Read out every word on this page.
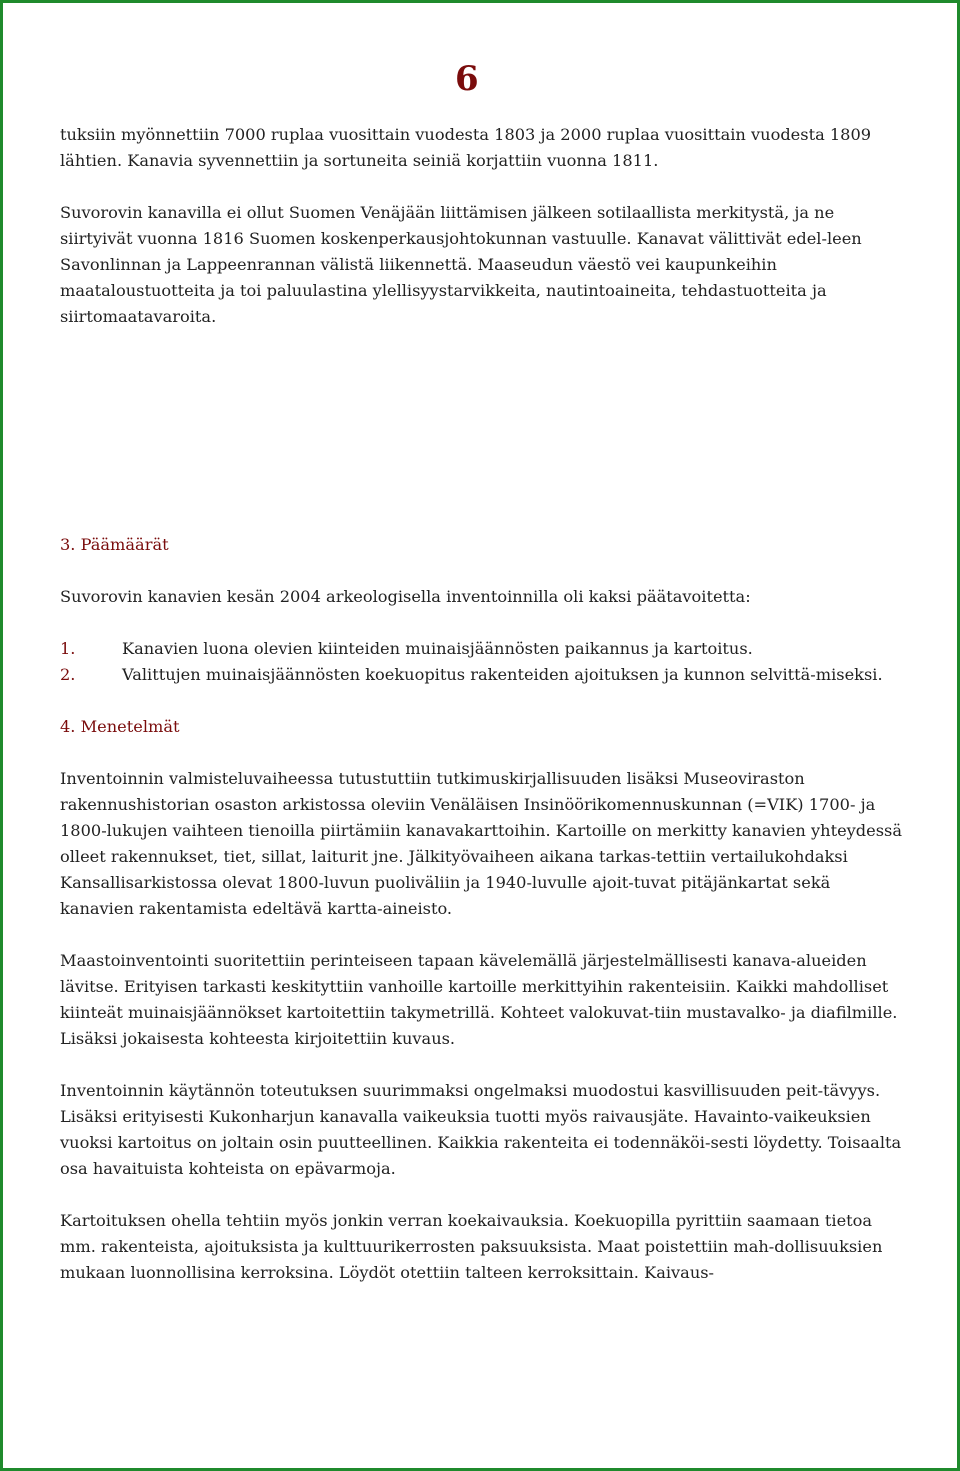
6

tuksiin myönnettiin 7000 ruplaa vuosittain vuodesta 1803 ja 2000 ruplaa vuosittain vuodesta 1809 lähtien. Kanavia syvennettiin ja sortuneita seiniä korjattiin vuonna 1811.

Suvorovin kanavilla ei ollut Suomen Venäjään liittämisen jälkeen sotilaallista merkitystä, ja ne siirtyivät vuonna 1816 Suomen koskenperkausjohtokunnan vastuulle. Kanavat välittivät edel-leen Savonlinnan ja Lappeenrannan välistä liikennettä. Maaseudun väestö vei kaupunkeihin maataloustuotteita ja toi paluulastina ylellisyystarvikkeita, nautintoaineita, tehdastuotteita ja siirtomaatavaroita.

3. Päämäärät

Suvorovin kanavien kesän 2004 arkeologisella inventoinnilla oli kaksi päätavoitetta:

1.	Kanavien luona olevien kiinteiden muinaisjäännösten paikannus ja kartoitus.
2.	Valittujen muinaisjäännösten koekuopitus rakenteiden ajoituksen ja kunnon selvittä-miseksi.

4. Menetelmät

Inventoinnin valmisteluvaiheessa tutustuttiin tutkimuskirjallisuuden lisäksi Museoviraston rakennushistorian osaston arkistossa oleviin Venäläisen Insinöörikomennuskunnan (=VIK) 1700- ja 1800-lukujen vaihteen tienoilla piirtämiin kanavakarttoihin. Kartoille on merkitty kanavien yhteydessä olleet rakennukset, tiet, sillat, laiturit jne. Jälkityövaiheen aikana tarkas-tettiin vertailukohdaksi Kansallisarkistossa olevat 1800-luvun puoliväliin ja 1940-luvulle ajoit-tuvat pitäjänkartat sekä kanavien rakentamista edeltävä kartta-aineisto.

Maastoinventointi suoritettiin perinteiseen tapaan kävelemällä järjestelmällisesti kanava-alueiden lävitse. Erityisen tarkasti keskityttiin vanhoille kartoille merkittyihin rakenteisiin. Kaikki mahdolliset kiinteät muinaisjäännökset kartoitettiin takymetrillä. Kohteet valokuvat-tiin mustavalko- ja diafilmille. Lisäksi jokaisesta kohteesta kirjoitettiin kuvaus.

Inventoinnin käytännön toteutuksen suurimmaksi ongelmaksi muodostui kasvillisuuden peit-tävyys. Lisäksi erityisesti Kukonharjun kanavalla vaikeuksia tuotti myös raivausjäte. Havainto-vaikeuksien vuoksi kartoitus on joltain osin puutteellinen. Kaikkia rakenteita ei todennäköi-sesti löydetty. Toisaalta osa havaituista kohteista on epävarmoja.

Kartoituksen ohella tehtiin myös jonkin verran koekaivauksia. Koekuopilla pyrittiin saamaan tietoa mm. rakenteista, ajoituksista ja kulttuurikerrosten paksuuksista. Maat poistettiin mah-dollisuuksien mukaan luonnollisina kerroksina. Löydöt otettiin talteen kerroksittain. Kaivaus-
